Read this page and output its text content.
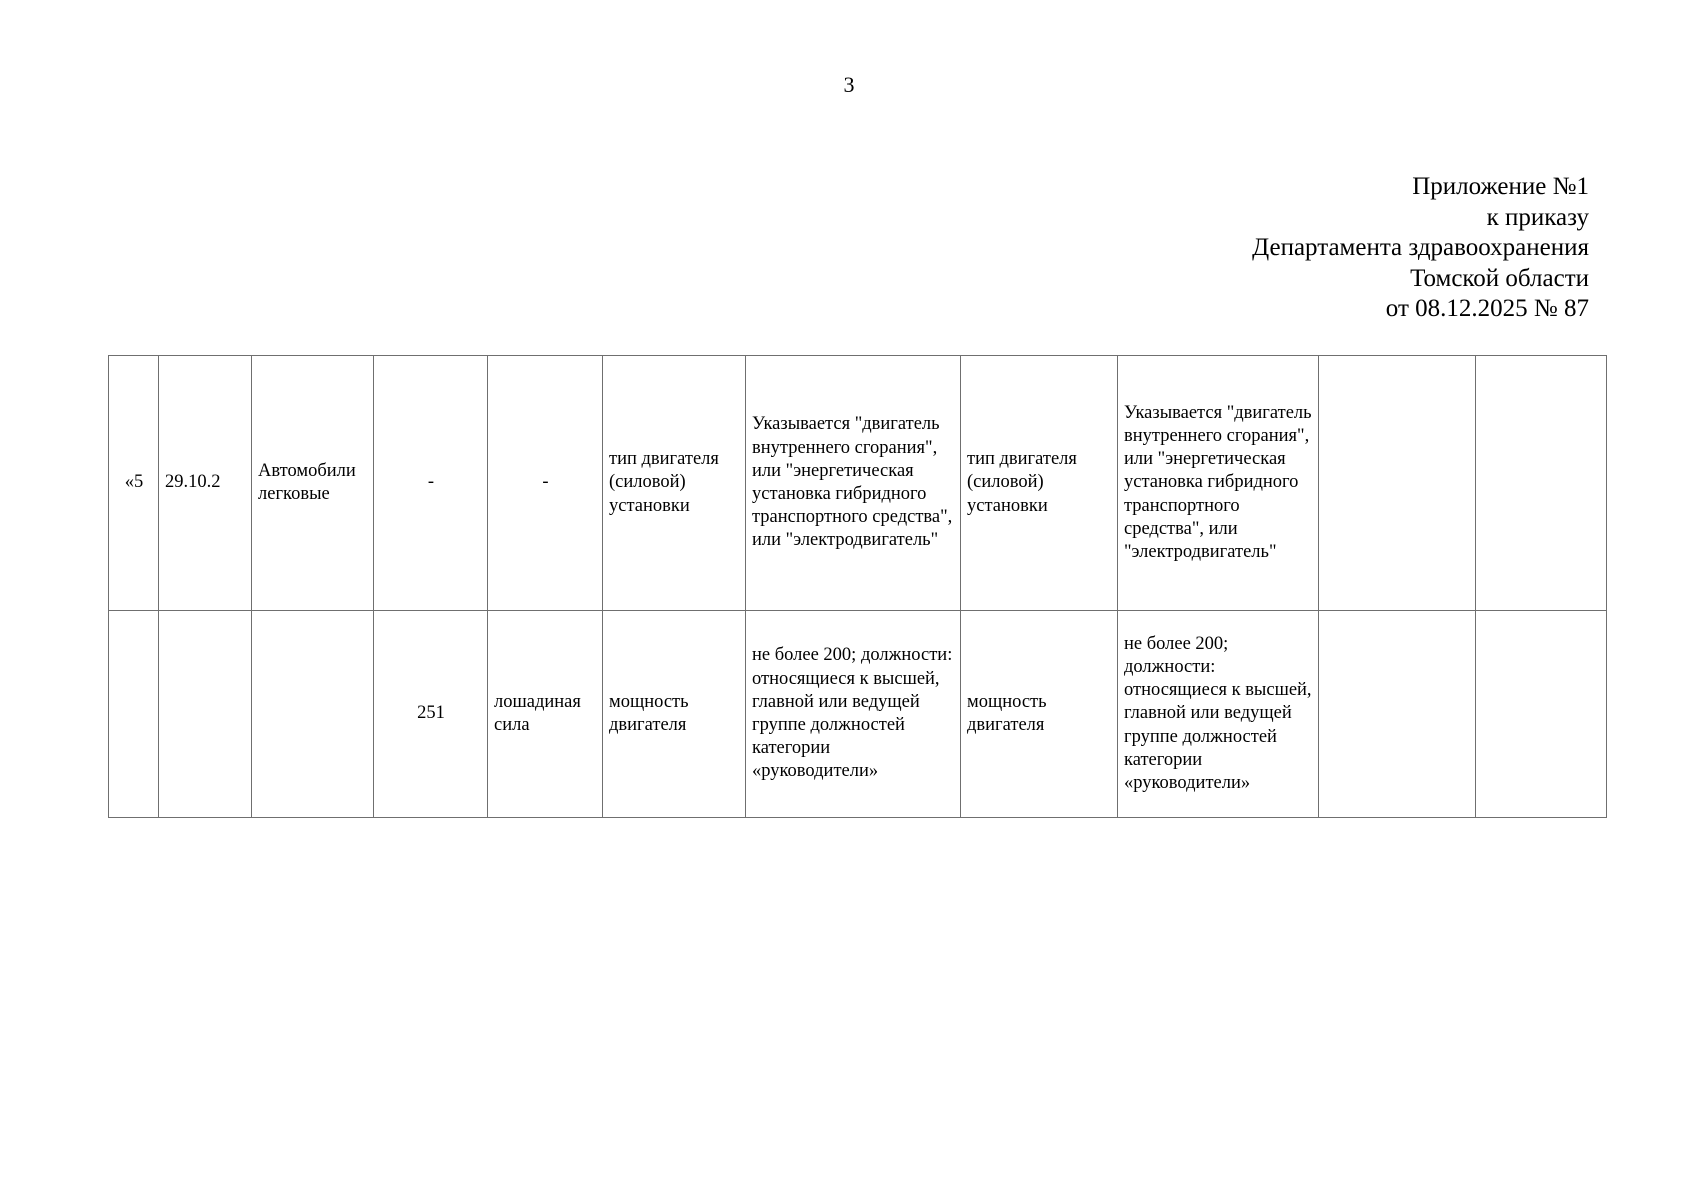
3
Приложение №1
к приказу
Департамента здравоохранения
Томской области
от 08.12.2025 № 87
«5	29.10.2	Автомобили легковые	-	-	тип двигателя (силовой) установки	Указывается "двигатель внутреннего сгорания", или "энергетическая установка гибридного транспортного средства", или "электродвигатель"	тип двигателя (силовой) установки	Указывается "двигатель внутреннего сгорания", или "энергетическая установка гибридного транспортного средства", или "электродвигатель"		
			251	лошадиная сила	мощность двигателя	не более 200; должности: относящиеся к высшей, главной или ведущей группе должностей категории «руководители»	мощность двигателя	не более 200; должности: относящиеся к высшей, главной или ведущей группе должностей категории «руководители»		
